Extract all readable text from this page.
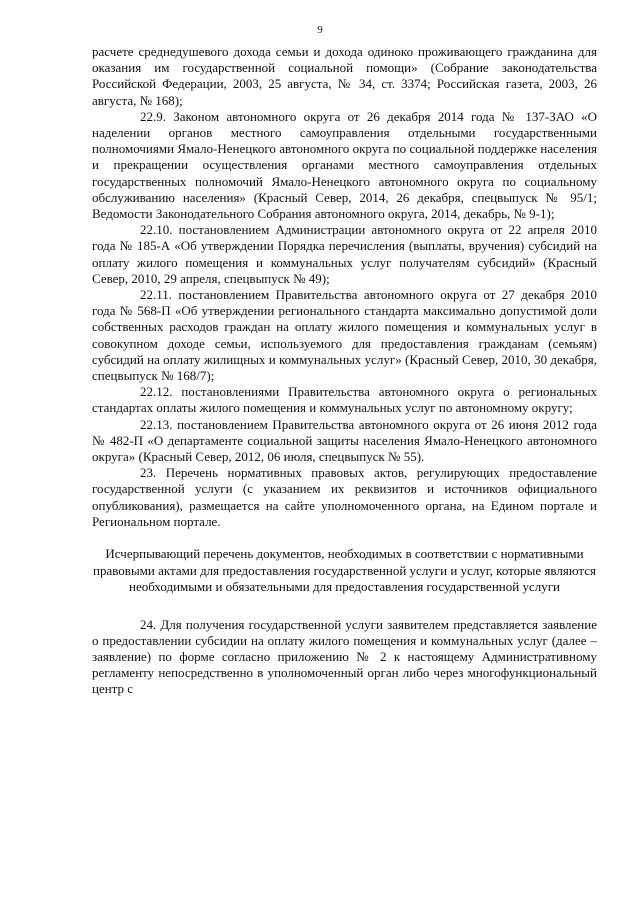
9

расчете среднедушевого дохода семьи и дохода одиноко проживающего гражданина для оказания им государственной социальной помощи» (Собрание законодательства Российской Федерации, 2003, 25 августа, № 34, ст. 3374; Российская газета, 2003, 26 августа, № 168);

22.9. Законом автономного округа от 26 декабря 2014 года № 137-ЗАО «О наделении органов местного самоуправления отдельными государственными полномочиями Ямало-Ненецкого автономного округа по социальной поддержке населения и прекращении осуществления органами местного самоуправления отдельных государственных полномочий Ямало-Ненецкого автономного округа по социальному обслуживанию населения» (Красный Север, 2014, 26 декабря, спецвыпуск № 95/1; Ведомости Законодательного Собрания автономного округа, 2014, декабрь, № 9-1);

22.10. постановлением Администрации автономного округа от 22 апреля 2010 года № 185-А «Об утверждении Порядка перечисления (выплаты, вручения) субсидий на оплату жилого помещения и коммунальных услуг получателям субсидий» (Красный Север, 2010, 29 апреля, спецвыпуск № 49);

22.11. постановлением Правительства автономного округа от 27 декабря 2010 года № 568-П «Об утверждении регионального стандарта максимально допустимой доли собственных расходов граждан на оплату жилого помещения и коммунальных услуг в совокупном доходе семьи, используемого для предоставления гражданам (семьям) субсидий на оплату жилищных и коммунальных услуг» (Красный Север, 2010, 30 декабря, спецвыпуск № 168/7);

22.12. постановлениями Правительства автономного округа о региональных стандартах оплаты жилого помещения и коммунальных услуг по автономному округу;

22.13. постановлением Правительства автономного округа от 26 июня 2012 года № 482-П «О департаменте социальной защиты населения Ямало-Ненецкого автономного округа» (Красный Север, 2012, 06 июля, спецвыпуск № 55).

23. Перечень нормативных правовых актов, регулирующих предоставление государственной услуги (с указанием их реквизитов и источников официального опубликования), размещается на сайте уполномоченного органа, на Едином портале и Региональном портале.

Исчерпывающий перечень документов, необходимых в соответствии с нормативными правовыми актами для предоставления государственной услуги и услуг, которые являются необходимыми и обязательными для предоставления государственной услуги

24. Для получения государственной услуги заявителем представляется заявление о предоставлении субсидии на оплату жилого помещения и коммунальных услуг (далее – заявление) по форме согласно приложению № 2 к настоящему Административному регламенту непосредственно в уполномоченный орган либо через многофункциональный центр с
